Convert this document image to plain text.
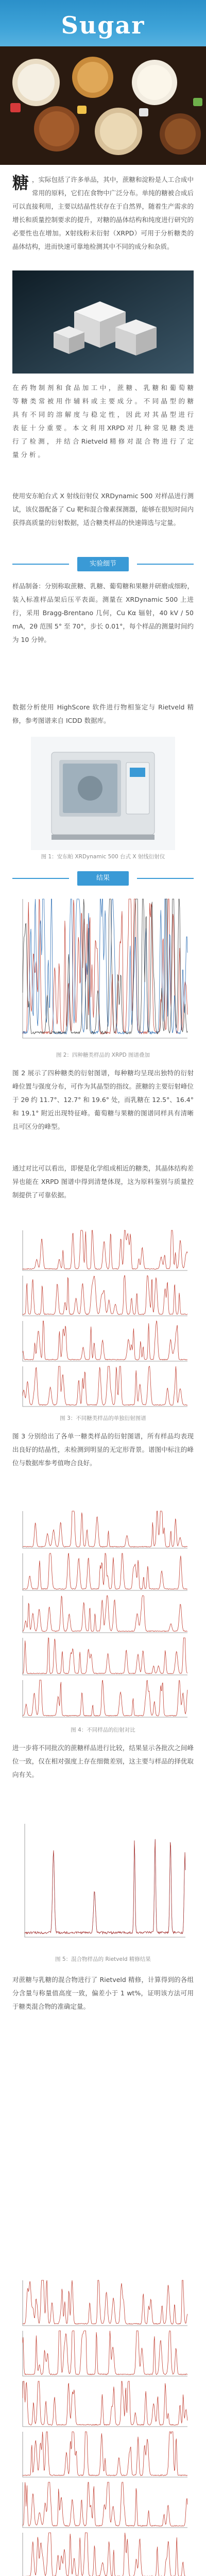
Sugar
糖 ，实际包括了许多单品，其中，蔗糖和淀粉是人工合成中常用的原料，它们在食物中广泛分布。单纯的糖被合成后可以直接利用，主要以结晶性状存在于自然界，随着生产需求的增长和质量控制要求的提升，对糖的晶体结构和纯度进行研究的必要性也在增加。X射线粉末衍射（XRPD）可用于分析糖类的晶体结构，进而快速可靠地检测其中不同的成分和杂质。
在 药 物 制 剂 和 食 品 加 工 中 ， 蔗 糖 、 乳 糖 和 葡 萄 糖 等 糖 类 常 被 用 作 辅 料 或 主 要 成 分 。 不 同 晶 型 的 糖 具 有 不 同 的 溶 解 度 与 稳 定 性 ， 因 此 对 其 晶 型 进 行 表 征 十 分 重 要 。 本 文 利 用 XRPD 对 几 种 常 见 糖 类 进 行 了 检 测 ， 并 结 合 Rietveld 精 修 对 混 合 物 进 行 了 定 量 分 析 。
使用安东帕台式 X 射线衍射仪 XRDynamic 500 对样品进行测试，该仪器配备了 Cu 靶和混合像素探测器，能够在很短时间内获得高质量的衍射数据，适合糖类样品的快速筛选与定量。
实验细节
样品制备：分别称取蔗糖、乳糖、葡萄糖和果糖并研磨成细粉，装入标准样品架后压平表面。测量在 XRDynamic 500 上进行，采用 Bragg-Brentano 几何，Cu Kα 辐射，40 kV / 50 mA，2θ 范围 5° 至 70°，步长 0.01°，每个样品的测量时间约为 10 分钟。
数据分析使用 HighScore 软件进行物相鉴定与 Rietveld 精修，参考图谱来自 ICDD 数据库。
图 1：安东帕 XRDynamic 500 台式 X 射线衍射仪
结果
图 2：四种糖类样品的 XRPD 图谱叠加
图 2 展示了四种糖类的衍射图谱，每种糖均呈现出独特的衍射峰位置与强度分布，可作为其晶型的指纹。蔗糖的主要衍射峰位于 2θ 约 11.7°、12.7° 和 19.6° 处，而乳糖在 12.5°、16.4° 和 19.1° 附近出现特征峰。葡萄糖与果糖的图谱同样具有清晰且可区分的峰型。
通过对比可以看出，即便是化学组成相近的糖类，其晶体结构差异也能在 XRPD 图谱中得到清楚体现，这为原料鉴别与质量控制提供了可靠依据。
图 3：不同糖类样品的单独衍射图谱
图 3 分别给出了各单一糖类样品的衍射图谱，所有样品均表现出良好的结晶性，未检测到明显的无定形背景。谱图中标注的峰位与数据库参考值吻合良好。
图 4：不同样品的衍射对比
进一步将不同批次的蔗糖样品进行比较，结果显示各批次之间峰位一致，仅在相对强度上存在细微差别，这主要与样品的择优取向有关。
图 5：混合物样品的 Rietveld 精修结果
对蔗糖与乳糖的混合物进行了 Rietveld 精修，计算得到的各组分含量与称量值高度一致，偏差小于 1 wt%，证明该方法可用于糖类混合物的准确定量。
